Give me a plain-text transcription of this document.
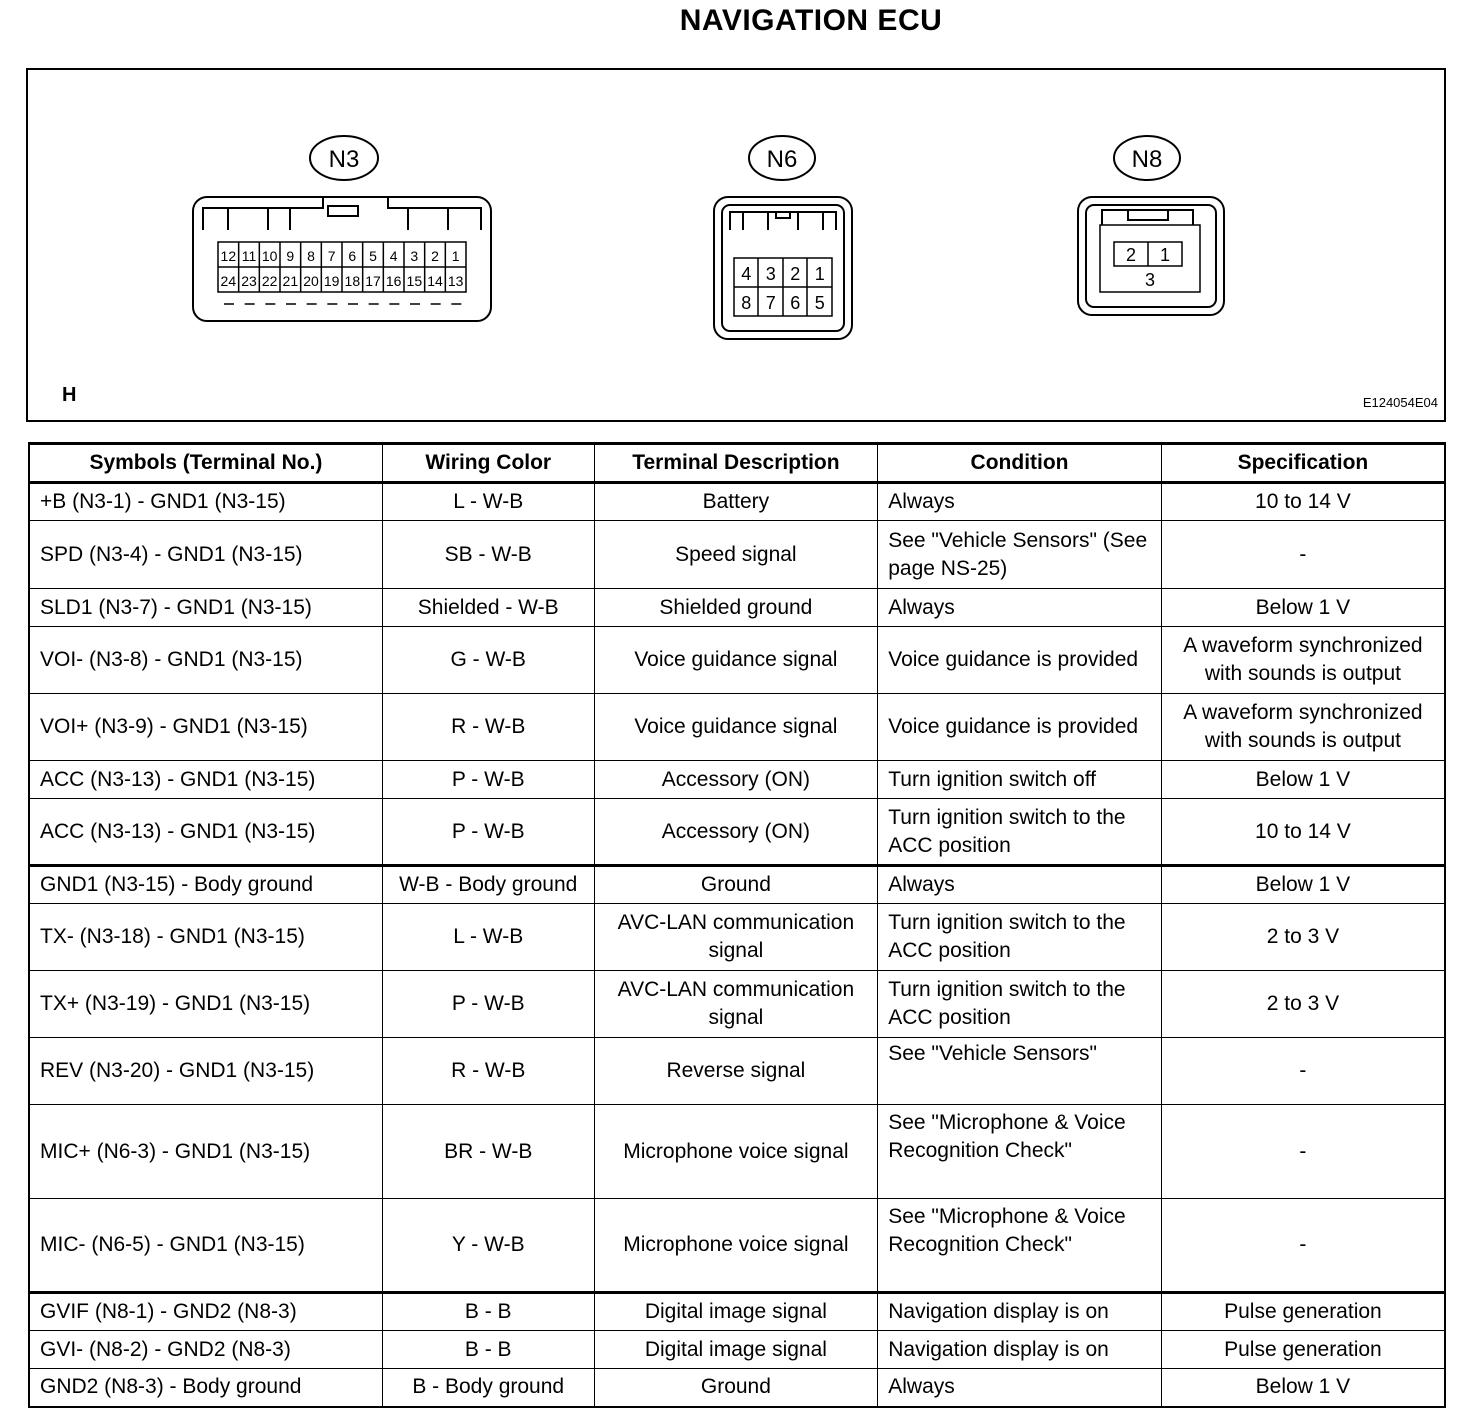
NAVIGATION ECU
N3
12
24
11
23
10
22
9
21
8
20
7
19
6
18
5
17
4
16
3
15
2
14
1
13
N6
4
8
3
7
2
6
1
5
N8
2 1
3
H	E124054E04
Symbols (Terminal No.)	Wiring Color	Terminal Description	Condition	Specification
+B (N3-1) - GND1 (N3-15)	L - W-B	Battery	Always	10 to 14 V
SPD (N3-4) - GND1 (N3-15)	SB - W-B	Speed signal	See "Vehicle Sensors" (See page NS-25)	-
SLD1 (N3-7) - GND1 (N3-15)	Shielded - W-B	Shielded ground	Always	Below 1 V
VOI- (N3-8) - GND1 (N3-15)	G - W-B	Voice guidance signal	Voice guidance is provided	A waveform synchronized with sounds is output
VOI+ (N3-9) - GND1 (N3-15)	R - W-B	Voice guidance signal	Voice guidance is provided	A waveform synchronized with sounds is output
ACC (N3-13) - GND1 (N3-15)	P - W-B	Accessory (ON)	Turn ignition switch off	Below 1 V
ACC (N3-13) - GND1 (N3-15)	P - W-B	Accessory (ON)	Turn ignition switch to the ACC position	10 to 14 V
GND1 (N3-15) - Body ground	W-B - Body ground	Ground	Always	Below 1 V
TX- (N3-18) - GND1 (N3-15)	L - W-B	AVC-LAN communication signal	Turn ignition switch to the ACC position	2 to 3 V
TX+ (N3-19) - GND1 (N3-15)	P - W-B	AVC-LAN communication signal	Turn ignition switch to the ACC position	2 to 3 V
REV (N3-20) - GND1 (N3-15)	R - W-B	Reverse signal	See "Vehicle Sensors"	-
MIC+ (N6-3) - GND1 (N3-15)	BR - W-B	Microphone voice signal	See "Microphone & Voice Recognition Check"	-
MIC- (N6-5) - GND1 (N3-15)	Y - W-B	Microphone voice signal	See "Microphone & Voice Recognition Check"	-
GVIF (N8-1) - GND2 (N8-3)	B - B	Digital image signal	Navigation display is on	Pulse generation
GVI- (N8-2) - GND2 (N8-3)	B - B	Digital image signal	Navigation display is on	Pulse generation
GND2 (N8-3) - Body ground	B - Body ground	Ground	Always	Below 1 V
